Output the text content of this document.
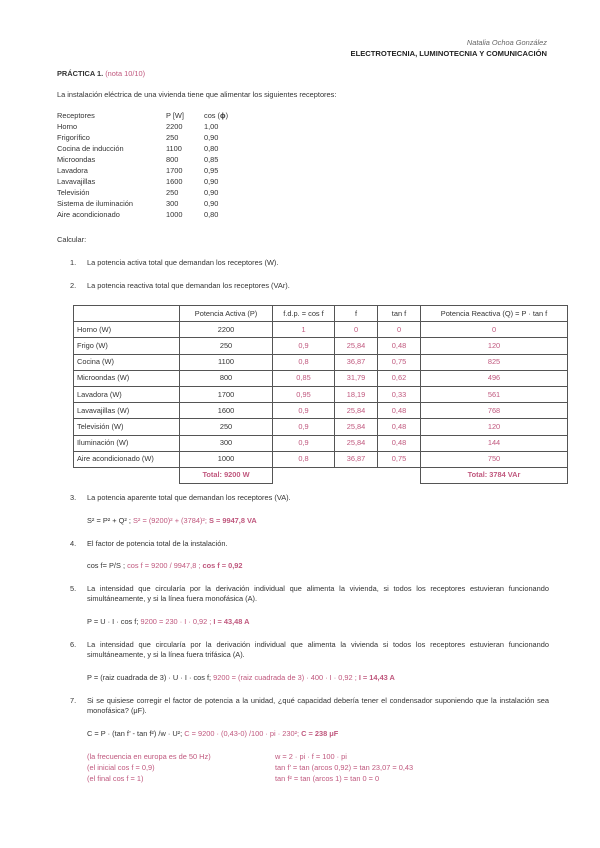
Natalia Ochoa González
ELECTROTECNIA, LUMINOTECNIA Y COMUNICACIÓN
PRÁCTICA 1. (nota 10/10)
La instalación eléctrica de una vivienda tiene que alimentar los siguientes receptores:
Receptores	P [W]	cos (ϕ)
Horno	2200	1,00
Frigorífico	250	0,90
Cocina de inducción	1100	0,80
Microondas	800	0,85
Lavadora	1700	0,95
Lavavajillas	1600	0,90
Televisión	250	0,90
Sistema de iluminación	300	0,90
Aire acondicionado	1000	0,80
Calcular:
1. La potencia activa total que demandan los receptores (W).
2. La potencia reactiva total que demandan los receptores (VAr).
	Potencia Activa (P)	f.d.p. = cos f	f	tan f	Potencia Reactiva (Q) = P · tan f
Horno (W)	2200	1	0	0	0
Frigo (W)	250	0,9	25,84	0,48	120
Cocina (W)	1100	0,8	36,87	0,75	825
Microondas (W)	800	0,85	31,79	0,62	496
Lavadora (W)	1700	0,95	18,19	0,33	561
Lavavajillas (W)	1600	0,9	25,84	0,48	768
Televisión (W)	250	0,9	25,84	0,48	120
Iluminación (W)	300	0,9	25,84	0,48	144
Aire acondicionado (W)	1000	0,8	36,87	0,75	750
	Total: 9200 W				Total: 3784 VAr
3. La potencia aparente total que demandan los receptores (VA).
S² = P² + Q² ; S² = (9200)² + (3784)²; S = 9947,8 VA
4. El factor de potencia total de la instalación.
cos f= P/S ; cos f = 9200 / 9947,8 ; cos f = 0,92
5. La intensidad que circularía por la derivación individual que alimenta la vivienda, si todos los receptores estuvieran funcionando simultáneamente, y si la línea fuera monofásica (A).
P = U · I · cos f; 9200 = 230 · I · 0,92 ; I = 43,48 A
6. La intensidad que circularía por la derivación individual que alimenta la vivienda si todos los receptores estuvieran funcionando simultáneamente, y si la línea fuera trifásica (A).
P = (raiz cuadrada de 3) · U · I · cos f; 9200 = (raiz cuadrada de 3) · 400 · I · 0,92 ; I = 14,43 A
7. Si se quisiese corregir el factor de potencia a la unidad, ¿qué capacidad debería tener el condensador suponiendo que la instalación sea monofásica? (μF).
C = P · (tan f’ - tan f²) /w · U²; C = 9200 · (0,43-0) /100 · pi · 230²; C = 238 μF
(la frecuencia en europa es de 50 Hz)
(el inicial cos f = 0,9)
(el final cos f = 1)
w = 2 · pi · f = 100 · pi
tan f’ = tan (arcos 0,92) = tan 23,07 = 0,43
tan f² = tan (arcos 1) = tan 0 = 0
